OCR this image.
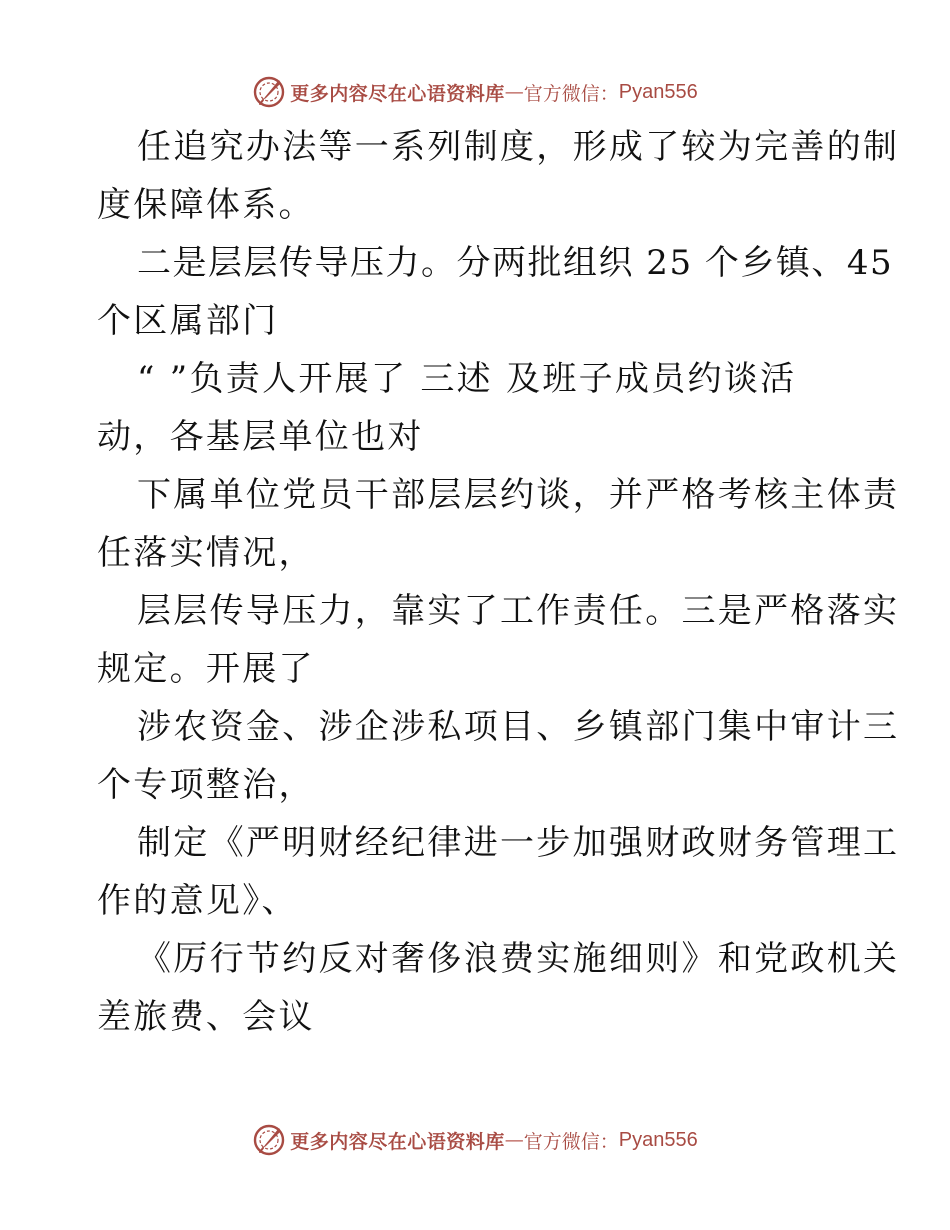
更多内容尽在心语资料库 — 官方微信： Pyan556
任追究办法等一系列制度，形成了较为完善的制
度保障体系。
二是层层传导压力。分两批组织 25 个乡镇、45
个区属部门
“ ”负责人开展了 三述 及班子成员约谈活
动，各基层单位也对
下属单位党员干部层层约谈，并严格考核主体责
任落实情况，
层层传导压力，靠实了工作责任。三是严格落实
规定。开展了
涉农资金、涉企涉私项目、乡镇部门集中审计三
个专项整治，
制定《严明财经纪律进一步加强财政财务管理工
作的意见》、
《厉行节约反对奢侈浪费实施细则》和党政机关
差旅费、会议
更多内容尽在心语资料库 — 官方微信： Pyan556
